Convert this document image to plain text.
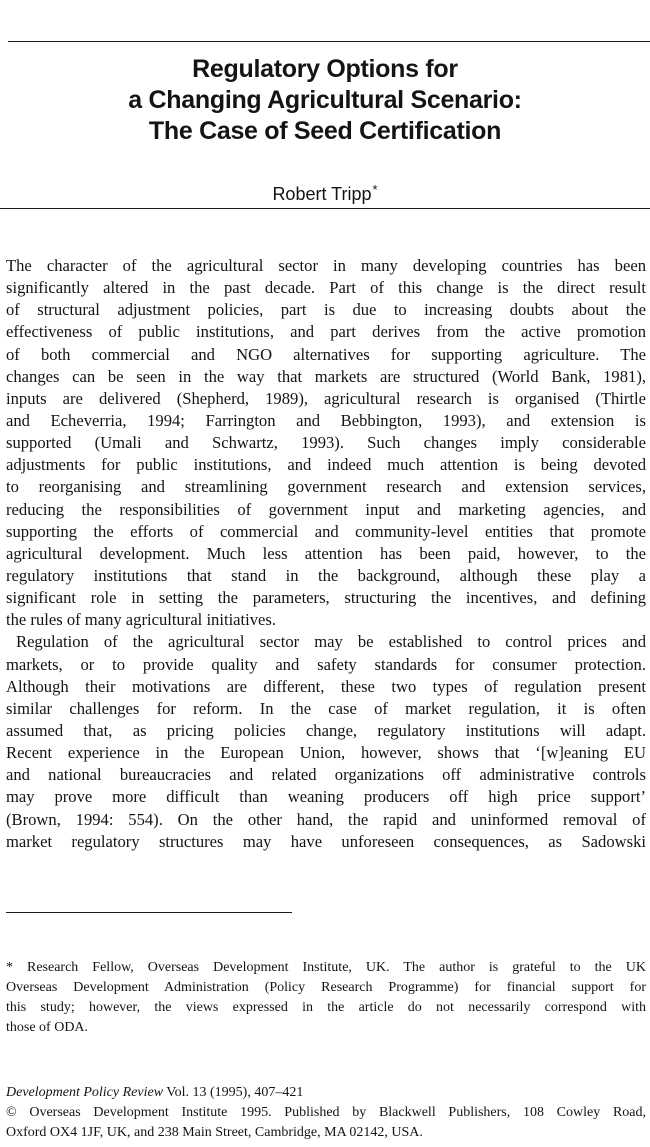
Regulatory Options for
a Changing Agricultural Scenario:
The Case of Seed Certification
Robert Tripp*
The character of the agricultural sector in many developing countries has been
significantly altered in the past decade. Part of this change is the direct result
of structural adjustment policies, part is due to increasing doubts about the
effectiveness of public institutions, and part derives from the active promotion
of both commercial and NGO alternatives for supporting agriculture. The
changes can be seen in the way that markets are structured (World Bank, 1981),
inputs are delivered (Shepherd, 1989), agricultural research is organised (Thirtle
and Echeverria, 1994; Farrington and Bebbington, 1993), and extension is
supported (Umali and Schwartz, 1993). Such changes imply considerable
adjustments for public institutions, and indeed much attention is being devoted
to reorganising and streamlining government research and extension services,
reducing the responsibilities of government input and marketing agencies, and
supporting the efforts of commercial and community-level entities that promote
agricultural development. Much less attention has been paid, however, to the
regulatory institutions that stand in the background, although these play a
significant role in setting the parameters, structuring the incentives, and defining
the rules of many agricultural initiatives.
Regulation of the agricultural sector may be established to control prices and
markets, or to provide quality and safety standards for consumer protection.
Although their motivations are different, these two types of regulation present
similar challenges for reform. In the case of market regulation, it is often
assumed that, as pricing policies change, regulatory institutions will adapt.
Recent experience in the European Union, however, shows that ‘[w]eaning EU
and national bureaucracies and related organizations off administrative controls
may prove more difficult than weaning producers off high price support’
(Brown, 1994: 554). On the other hand, the rapid and uninformed removal of
market regulatory structures may have unforeseen consequences, as Sadowski
* Research Fellow, Overseas Development Institute, UK. The author is grateful to the UK
Overseas Development Administration (Policy Research Programme) for financial support for
this study; however, the views expressed in the article do not necessarily correspond with
those of ODA.
Development Policy Review Vol. 13 (1995), 407–421
© Overseas Development Institute 1995. Published by Blackwell Publishers, 108 Cowley Road,
Oxford OX4 1JF, UK, and 238 Main Street, Cambridge, MA 02142, USA.
